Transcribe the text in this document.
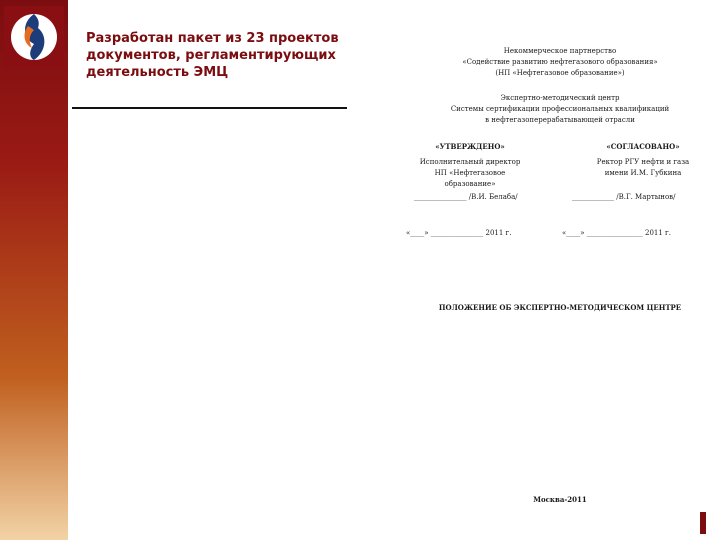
Разработан пакет из 23 проектов документов, регламентирующих деятельность ЭМЦ

Некоммерческое партнерство
«Содействие развитию нефтегазового образования»
(НП «Нефтегазовое образование»)
Экспертно-методический центр
Системы сертификации профессиональных квалификаций
в нефтегазоперерабатывающей отрасли
«УТВЕРЖДЕНО»
Исполнительный директор
НП «Нефтегазовое образование»
_______________ /В.И. Белаба/
«____» _______________ 2011 г.
«СОГЛАСОВАНО»
Ректор РГУ нефти и газа
имени И.М. Губкина
____________ /В.Г. Мартынов/
«____» ________________ 2011 г.
ПОЛОЖЕНИЕ ОБ ЭКСПЕРТНО-МЕТОДИЧЕСКОМ ЦЕНТРЕ
Москва-2011
